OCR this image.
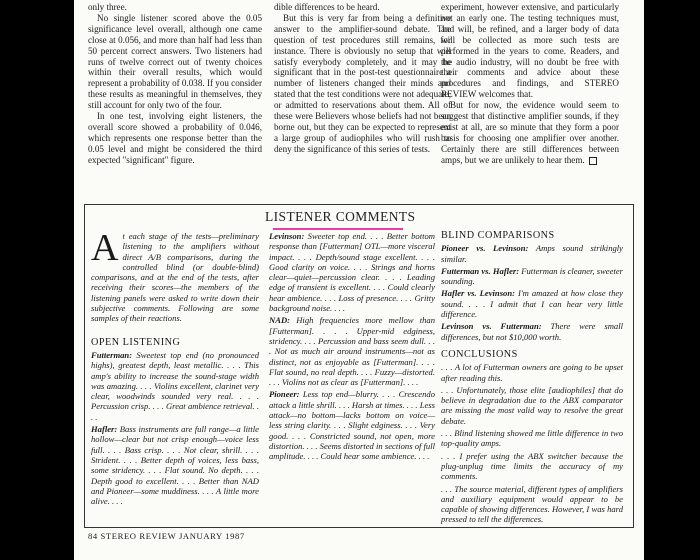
only three.

No single listener scored above the 0.05 significance level overall, although one came close at 0.056, and more than half had less than 50 percent correct answers. Two listeners had runs of twelve correct out of twenty choices within their overall results, which would represent a probability of 0.038. If you consider these results as meaningful in themselves, they still account for only two of the four.

In one test, involving eight listeners, the overall score showed a probability of 0.046, which represents one response better than the 0.05 level and might be considered the third expected "significant" figure.

dible differences to be heard.

But this is very far from being a definitive answer to the amplifier-sound debate. The question of test procedures still remains, for instance. There is obviously no setup that will satisfy everybody completely, and it may be significant that in the post-test questionnaire a number of listeners changed their minds and stated that the test conditions were not adequate, or admitted to reservations about them. All of these were Believers whose beliefs had not been borne out, but they can be expected to represent a large group of audiophiles who will rush to deny the significance of this series of tests.

experiment, however extensive, and particularly not an early one. The testing techniques must, and will, be refined, and a larger body of data will be collected as more such tests are performed in the years to come. Readers, and the audio industry, will no doubt be free with their comments and advice about these procedures and findings, and STEREO REVIEW welcomes that.

But for now, the evidence would seem to suggest that distinctive amplifier sounds, if they exist at all, are so minute that they form a poor basis for choosing one amplifier over another. Certainly there are still differences between amps, but we are unlikely to hear them.

LISTENER COMMENTS

At each stage of the tests—preliminary listening to the amplifiers without direct A/B comparisons, during the controlled blind (or double-blind) comparisons, and at the end of the tests, after receiving their scores—the members of the listening panels were asked to write down their subjective comments. Following are some samples of their reactions.

OPEN LISTENING

Futterman: Sweetest top end (no pronounced highs), greatest depth, least metallic. . . . This amp's ability to increase the sound-stage width was amazing. . . . Violins excellent, clarinet very clear, woodwinds sounded very real. . . . Percussion crisp. . . . Great ambience retrieval. . . .

Hafler: Bass instruments are full range—a little hollow—clear but not crisp enough—voice less full. . . . Bass crisp. . . . Not clear, shrill. . . . Strident. . . . Better depth of voices, less bass, some stridency. . . . Flat sound. No depth. . . . Depth good to excellent. . . . Better than NAD and Pioneer—some muddiness. . . . A little more alive. . . .

Levinson: Sweeter top end. . . . Better bottom response than [Futterman] OTL—more visceral impact. . . . Depth/sound stage excellent. . . . Good clarity on voice. . . . Strings and horns clear—quiet—percussion clear. . . . Leading edge of transient is excellent. . . . Could clearly hear ambience. . . . Loss of presence. . . . Gritty background noise. . . .

NAD: High frequencies more mellow than [Futterman]. . . . Upper-mid edginess, stridency. . . . Percussion and bass seem dull. . . . Not as much air around instruments—not as distinct, not as enjoyable as [Futterman]. . . . Flat sound, no real depth. . . . Fuzzy—distorted. . . . Violins not as clear as [Futterman]. . . .

Pioneer: Less top end—blurry. . . . Crescendo attack a little shrill. . . . Harsh at times. . . . Less attack—no bottom—lacks bottom on voice—less string clarity. . . . Slight edginess. . . . Very good. . . . Constricted sound, not open, more distortion. . . . Seems distorted in sections of full amplitude. . . . Could hear some ambience. . . .

BLIND COMPARISONS

Pioneer vs. Levinson: Amps sound strikingly similar.

Futterman vs. Hafler: Futterman is cleaner, sweeter sounding.

Hafler vs. Levinson: I'm amazed at how close they sound. . . . I admit that I can hear very little difference.

Levinson vs. Futterman: There were small differences, but not $10,000 worth.

CONCLUSIONS

. . . A lot of Futterman owners are going to be upset after reading this.

. . . Unfortunately, those elite [audiophiles] that do believe in degradation due to the ABX comparator are missing the most valid way to resolve the great debate.

. . . Blind listening showed me little difference in two top-quality amps.

. . . I prefer using the ABX switcher because the plug-unplug time limits the accuracy of my comments.

. . . The source material, different types of amplifiers and auxiliary equipment would appear to be capable of showing differences. However, I was hard pressed to tell the differences.

84 STEREO REVIEW JANUARY 1987
